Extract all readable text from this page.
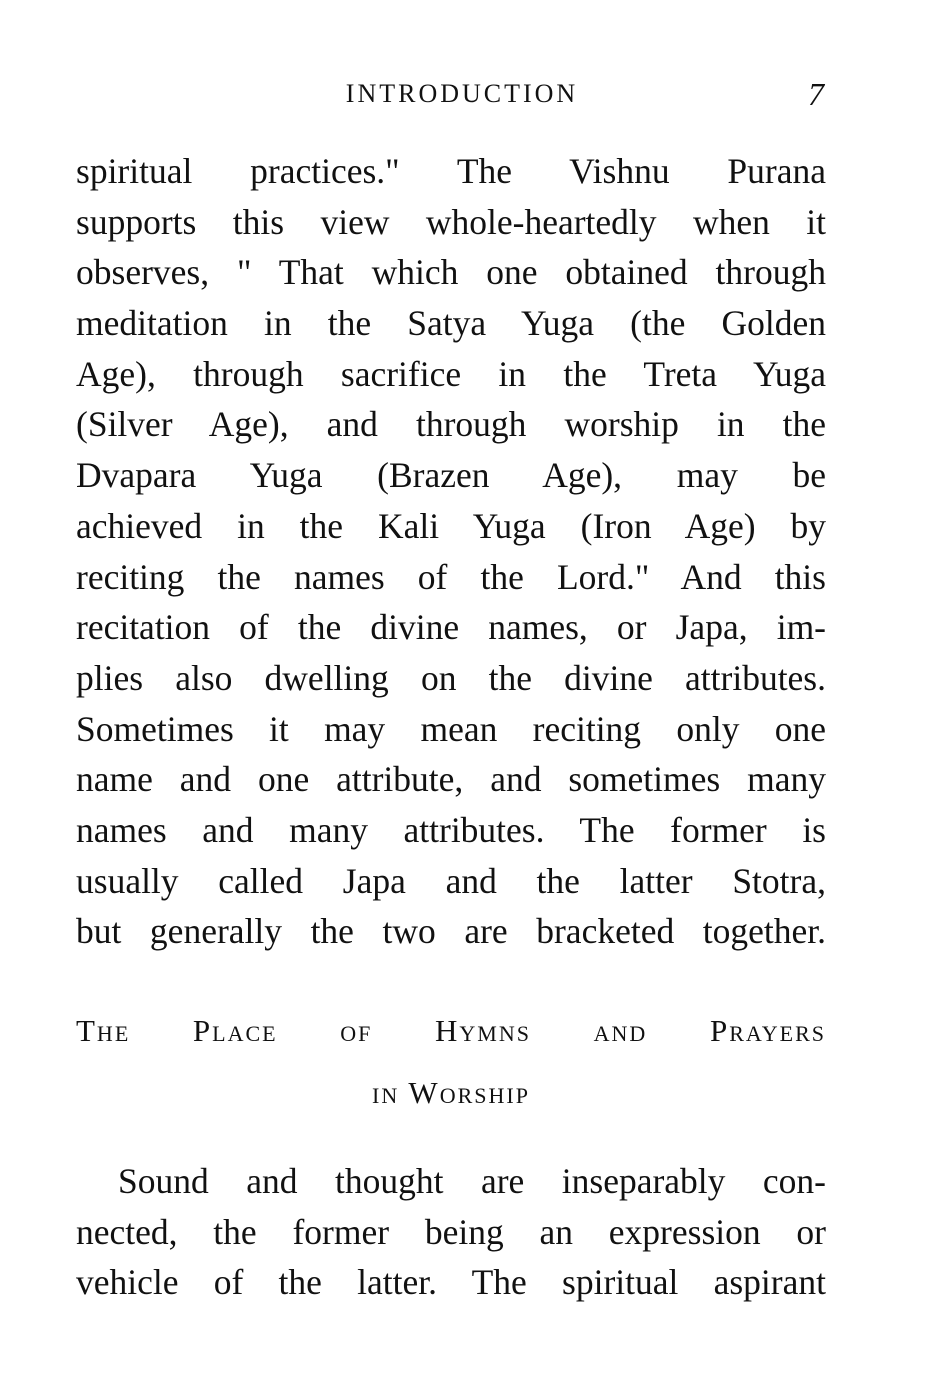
INTRODUCTION	7
spiritual practices." The Vishnu Purana
supports this view whole-heartedly when it
observes, " That which one obtained through
meditation in the Satya Yuga (the Golden
Age), through sacrifice in the Treta Yuga
(Silver Age), and through worship in the
Dvapara Yuga (Brazen Age), may be
achieved in the Kali Yuga (Iron Age) by
reciting the names of the Lord." And this
recitation of the divine names, or Japa, im-
plies also dwelling on the divine attributes.
Sometimes it may mean reciting only one
name and one attribute, and sometimes many
names and many attributes. The former is
usually called Japa and the latter Stotra,
but generally the two are bracketed together.
The Place of Hymns and Prayers
in Worship
Sound and thought are inseparably con-
nected, the former being an expression or
vehicle of the latter. The spiritual aspirant
